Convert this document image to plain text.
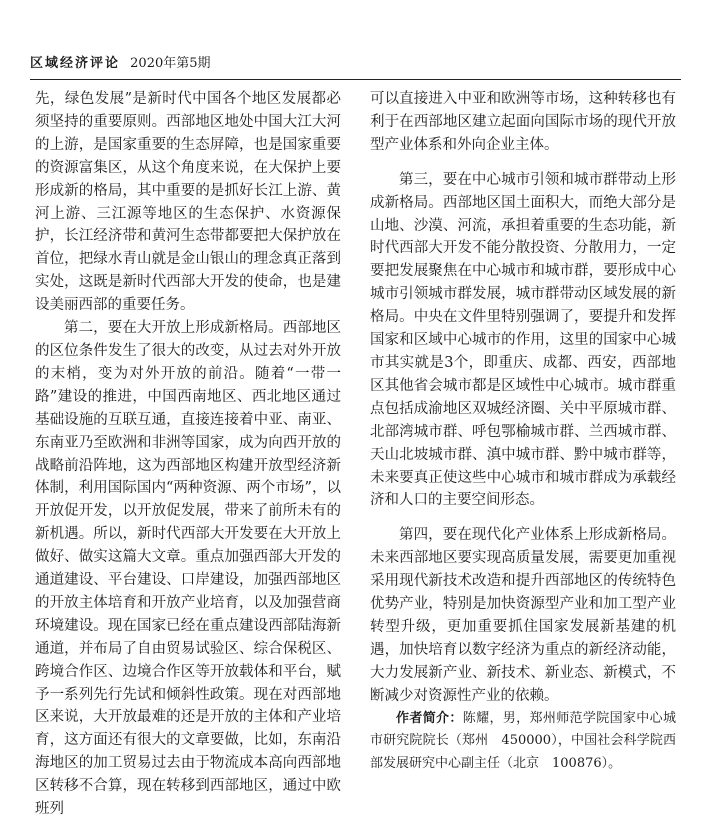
区域经济评论 2020年第5期

先，绿色发展”是新时代中国各个地区发展都必须坚持的重要原则。西部地区地处中国大江大河的上游，是国家重要的生态屏障，也是国家重要的资源富集区，从这个角度来说，在大保护上要形成新的格局，其中重要的是抓好长江上游、黄河上游、三江源等地区的生态保护、水资源保护，长江经济带和黄河生态带都要把大保护放在首位，把绿水青山就是金山银山的理念真正落到实处，这既是新时代西部大开发的使命，也是建设美丽西部的重要任务。

第二，要在大开放上形成新格局。西部地区的区位条件发生了很大的改变，从过去对外开放的末梢，变为对外开放的前沿。随着“一带一路”建设的推进，中国西南地区、西北地区通过基础设施的互联互通，直接连接着中亚、南亚、东南亚乃至欧洲和非洲等国家，成为向西开放的战略前沿阵地，这为西部地区构建开放型经济新体制，利用国际国内“两种资源、两个市场”，以开放促开发，以开放促发展，带来了前所未有的新机遇。所以，新时代西部大开发要在大开放上做好、做实这篇大文章。重点加强西部大开发的通道建设、平台建设、口岸建设，加强西部地区的开放主体培育和开放产业培育，以及加强营商环境建设。现在国家已经在重点建设西部陆海新通道，并布局了自由贸易试验区、综合保税区、跨境合作区、边境合作区等开放载体和平台，赋予一系列先行先试和倾斜性政策。现在对西部地区来说，大开放最难的还是开放的主体和产业培育，这方面还有很大的文章要做，比如，东南沿海地区的加工贸易过去由于物流成本高向西部地区转移不合算，现在转移到西部地区，通过中欧班列

可以直接进入中亚和欧洲等市场，这种转移也有利于在西部地区建立起面向国际市场的现代开放型产业体系和外向企业主体。

第三，要在中心城市引领和城市群带动上形成新格局。西部地区国土面积大，而绝大部分是山地、沙漠、河流，承担着重要的生态功能，新时代西部大开发不能分散投资、分散用力，一定要把发展聚焦在中心城市和城市群，要形成中心城市引领城市群发展，城市群带动区域发展的新格局。中央在文件里特别强调了，要提升和发挥国家和区域中心城市的作用，这里的国家中心城市其实就是3个，即重庆、成都、西安，西部地区其他省会城市都是区域性中心城市。城市群重点包括成渝地区双城经济圈、关中平原城市群、北部湾城市群、呼包鄂榆城市群、兰西城市群、天山北坡城市群、滇中城市群、黔中城市群等，未来要真正使这些中心城市和城市群成为承载经济和人口的主要空间形态。

第四，要在现代化产业体系上形成新格局。未来西部地区要实现高质量发展，需要更加重视采用现代新技术改造和提升西部地区的传统特色优势产业，特别是加快资源型产业和加工型产业转型升级，更加重要抓住国家发展新基建的机遇，加快培育以数字经济为重点的新经济动能，大力发展新产业、新技术、新业态、新模式，不断减少对资源性产业的依赖。

作者简介：陈耀，男，郑州师范学院国家中心城市研究院院长（郑州　450000），中国社会科学院西部发展研究中心副主任（北京　100876）。
